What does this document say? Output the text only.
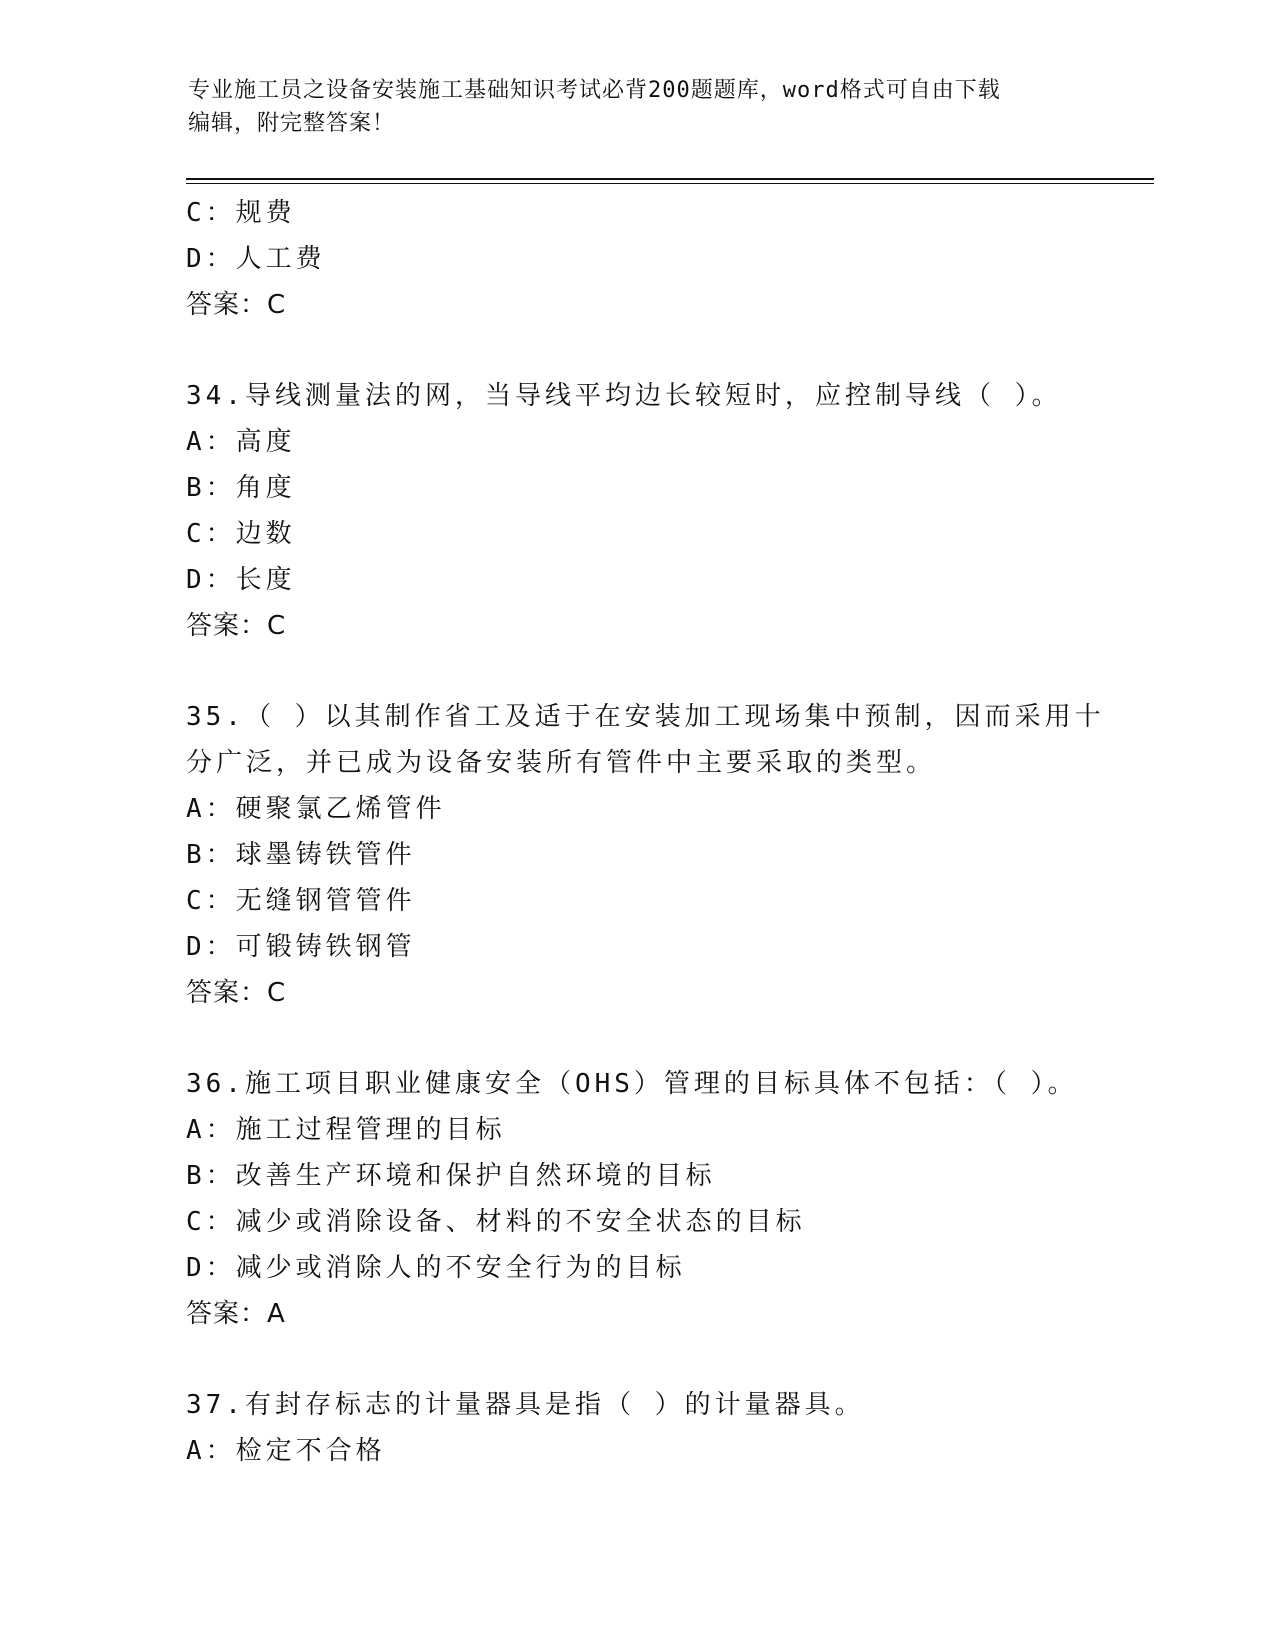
专业施工员之设备安装施工基础知识考试必背200题题库，word格式可自由下载
编辑，附完整答案！
C：规费
D：人工费
答案：C
34.导线测量法的网，当导线平均边长较短时，应控制导线（ ）。
A：高度
B：角度
C：边数
D：长度
答案：C
35.（ ）以其制作省工及适于在安装加工现场集中预制，因而采用十
分广泛，并已成为设备安装所有管件中主要采取的类型。
A：硬聚氯乙烯管件
B：球墨铸铁管件
C：无缝钢管管件
D：可锻铸铁钢管
答案：C
36.施工项目职业健康安全（OHS）管理的目标具体不包括：（ ）。
A：施工过程管理的目标
B：改善生产环境和保护自然环境的目标
C：减少或消除设备、材料的不安全状态的目标
D：减少或消除人的不安全行为的目标
答案：A
37.有封存标志的计量器具是指（ ）的计量器具。
A：检定不合格
